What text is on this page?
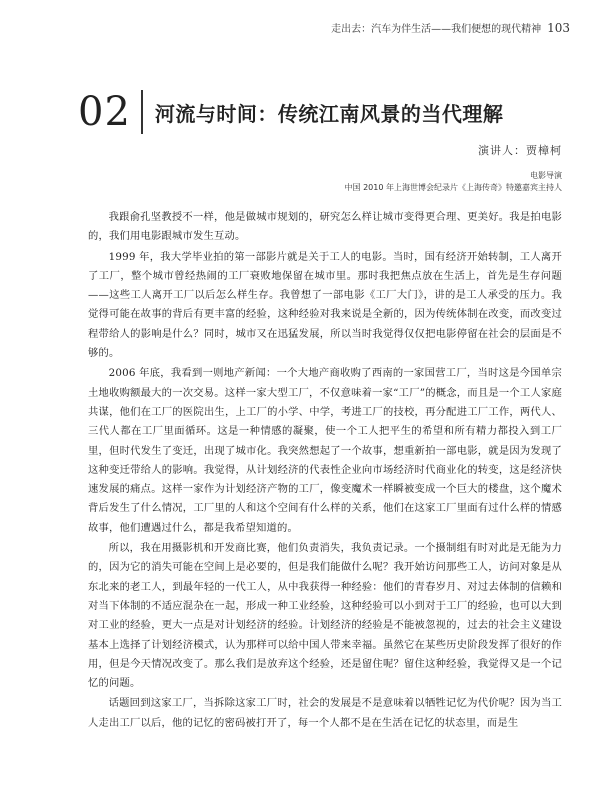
走出去：汽车为伴生活——我们便想的现代精神 103
02	河流与时间：传统江南风景的当代理解
演讲人：贾樟柯
电影导演
中国 2010 年上海世博会纪录片《上海传奇》特邀嘉宾主持人

我跟俞孔坚教授不一样，他是做城市规划的，研究怎么样让城市变得更合理、更美好。我是拍电影的，我们用电影跟城市发生互动。

1999 年，我大学毕业拍的第一部影片就是关于工人的电影。当时，国有经济开始转制，工人离开了工厂，整个城市曾经热闹的工厂衰败地保留在城市里。那时我把焦点放在生活上，首先是生存问题——这些工人离开工厂以后怎么样生存。我曾想了一部电影《工厂大门》，讲的是工人承受的压力。我觉得可能在故事的背后有更丰富的经验，这种经验对我来说是全新的，因为传统体制在改变，而改变过程带给人的影响是什么？同时，城市又在迅猛发展，所以当时我觉得仅仅把电影停留在社会的层面是不够的。

2006 年底，我看到一则地产新闻：一个大地产商收购了西南的一家国营工厂，当时这是今国单宗土地收购额最大的一次交易。这样一家大型工厂，不仅意味着一家“工厂”的概念，而且是一个工人家庭共谋，他们在工厂的医院出生，上工厂的小学、中学，考进工厂的技校，再分配进工厂工作，两代人、三代人都在工厂里面循环。这是一种情感的凝聚，使一个工人把平生的希望和所有精力都投入到工厂里，但时代发生了变迁，出现了城市化。我突然想起了一个故事，想重新拍一部电影，就是因为发现了这种变迁带给人的影响。我觉得，从计划经济的代表性企业向市场经济时代商业化的转变，这是经济快速发展的痛点。这样一家作为计划经济产物的工厂，像变魔术一样瞬被变成一个巨大的楼盘，这个魔术背后发生了什么情况，工厂里的人和这个空间有什么样的关系，他们在这家工厂里面有过什么样的情感故事，他们遭遇过什么，都是我希望知道的。

所以，我在用摄影机和开发商比赛，他们负责消失，我负责记录。一个摄制组有时对此是无能为力的，因为它的消失可能在空间上是必要的，但是我们能做什么呢？我开始访问那些工人，访问对象是从东北来的老工人，到最年轻的一代工人，从中我获得一种经验：他们的青春岁月、对过去体制的信赖和对当下体制的不适应混杂在一起，形成一种工业经验，这种经验可以小到对于工厂的经验，也可以大到对工业的经验，更大一点是对计划经济的经验。计划经济的经验是不能被忽视的，过去的社会主义建设基本上选择了计划经济模式，认为那样可以给中国人带来幸福。虽然它在某些历史阶段发挥了很好的作用，但是今天情况改变了。那么我们是放弃这个经验，还是留住呢？留住这种经验，我觉得又是一个记忆的问题。

话题回到这家工厂，当拆除这家工厂时，社会的发展是不是意味着以牺牲记忆为代价呢？因为当工人走出工厂以后，他的记忆的密码被打开了，每一个人都不是在生活在记忆的状态里，而是生
